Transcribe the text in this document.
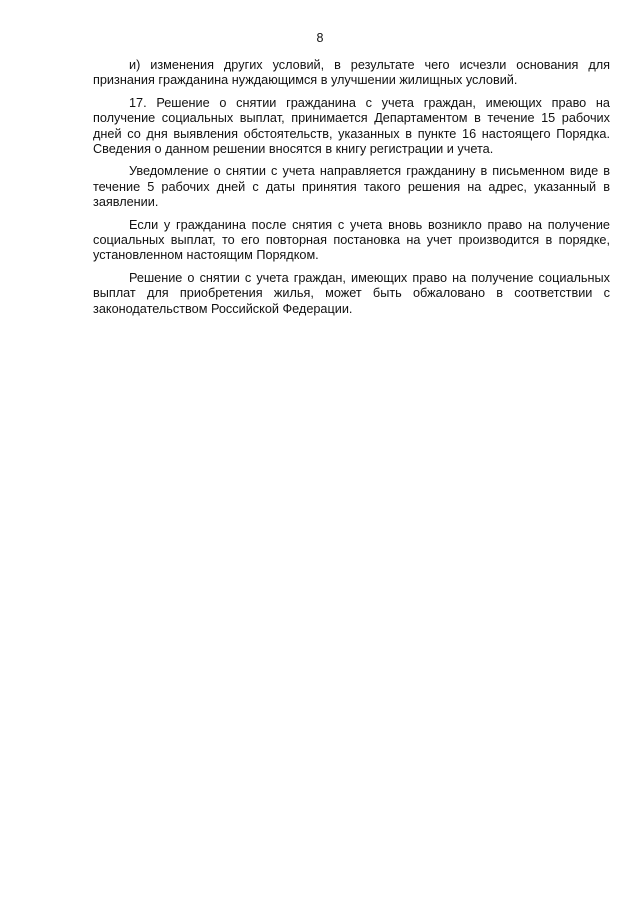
8

и) изменения других условий, в результате чего исчезли основания для признания гражданина нуждающимся в улучшении жилищных условий.

17. Решение о снятии гражданина с учета граждан, имеющих право на получение социальных выплат, принимается Департаментом в течение 15 рабочих дней со дня выявления обстоятельств, указанных в пункте 16 настоящего Порядка. Сведения о данном решении вносятся в книгу регистрации и учета.

Уведомление о снятии с учета направляется гражданину в письменном виде в течение 5 рабочих дней с даты принятия такого решения на адрес, указанный в заявлении.

Если у гражданина после снятия с учета вновь возникло право на получение социальных выплат, то его повторная постановка на учет производится в порядке, установленном настоящим Порядком.

Решение о снятии с учета граждан, имеющих право на получение социальных выплат для приобретения жилья, может быть обжаловано в соответствии с законодательством Российской Федерации.
